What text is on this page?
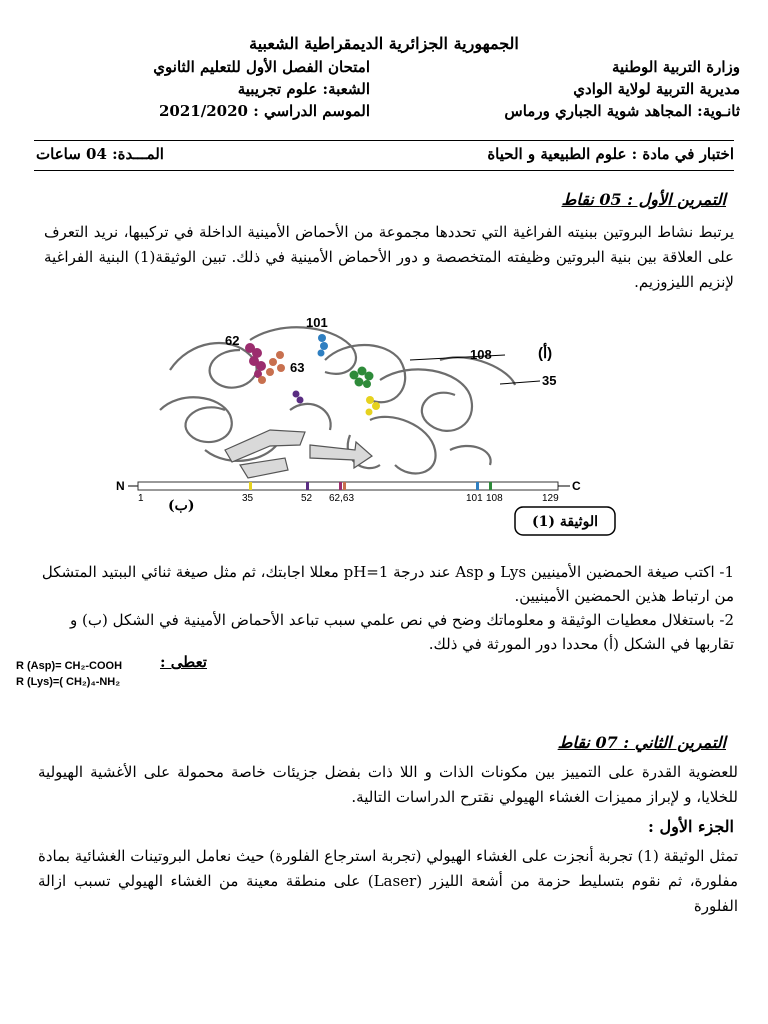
الجمهورية الجزائرية الديمقراطية الشعبية
وزارة التربية الوطنية
مديرية التربية لولاية الوادي
ثانـوية: المجاهد شوية الجباري ورماس
امتحان الفصل الأول للتعليم الثانوي
الشعبة: علوم تجريبية
الموسم الدراسي : 2021/2020
اختبار في مادة : علوم الطبيعية و الحياة
المـــدة: 04 ساعات
التمرين الأول : 05 نقاط
يرتبط نشاط البروتين ببنيته الفراغية التي تحددها مجموعة من الأحماض الأمينية الداخلة في تركيبها، نريد التعرف على العلاقة بين بنية البروتين وظيفته المتخصصة و دور الأحماض الأمينية في ذلك. تبين الوثيقة(1) البنية الفراغية لإنزيم الليزوزيم.
101
62
63
108
35
(أ)
N	C
1	35	52 62,63	101 108	129
(ب)
الوثيقة (1)
1- اكتب صيغة الحمضين الأمينيين Lys و Asp عند درجة pH=1 معللا اجابتك، ثم مثل صيغة ثنائي الببتيد المتشكل من ارتباط هذين الحمضين الأمينيين.
2- باستغلال معطيات الوثيقة و معلوماتك وضح في نص علمي سبب تباعد الأحماض الأمينية في الشكل (ب) و تقاربها في الشكل (أ) محددا دور المورثة في ذلك.
تعطى :
R (Asp)= CH₂-COOH
R (Lys)=( CH₂)₄-NH₂
التمرين الثاني : 07 نقاط
للعضوية القدرة على التمييز بين مكونات الذات و اللا ذات بفضل جزيئات خاصة محمولة على الأغشية الهيولية للخلايا، و لإبراز مميزات الغشاء الهيولي نقترح الدراسات التالية.
الجزء الأول :
تمثل الوثيقة (1) تجربة أنجزت على الغشاء الهيولي (تجربة استرجاع الفلورة) حيث نعامل البروتينات الغشائية بمادة مفلورة، ثم نقوم بتسليط حزمة من أشعة الليزر (Laser) على منطقة معينة من الغشاء الهيولي تسبب ازالة الفلورة
